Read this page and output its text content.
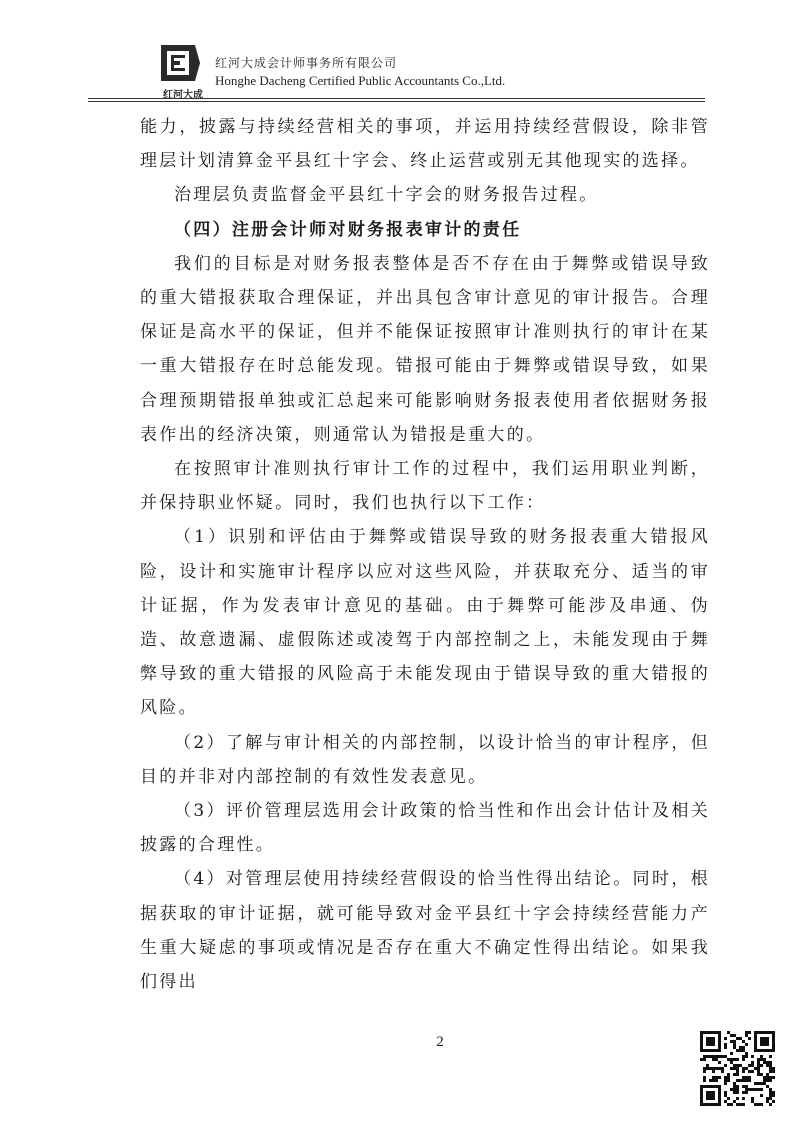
红河大成
红河大成会计师事务所有限公司
Honghe Dacheng Certified Public Accountants Co.,Ltd.

能力，披露与持续经营相关的事项，并运用持续经营假设，除非管理层计划清算金平县红十字会、终止运营或别无其他现实的选择。

治理层负责监督金平县红十字会的财务报告过程。

（四）注册会计师对财务报表审计的责任

我们的目标是对财务报表整体是否不存在由于舞弊或错误导致的重大错报获取合理保证，并出具包含审计意见的审计报告。合理保证是高水平的保证，但并不能保证按照审计准则执行的审计在某一重大错报存在时总能发现。错报可能由于舞弊或错误导致，如果合理预期错报单独或汇总起来可能影响财务报表使用者依据财务报表作出的经济决策，则通常认为错报是重大的。

在按照审计准则执行审计工作的过程中，我们运用职业判断，并保持职业怀疑。同时，我们也执行以下工作：

（1）识别和评估由于舞弊或错误导致的财务报表重大错报风险，设计和实施审计程序以应对这些风险，并获取充分、适当的审计证据，作为发表审计意见的基础。由于舞弊可能涉及串通、伪造、故意遗漏、虚假陈述或凌驾于内部控制之上，未能发现由于舞弊导致的重大错报的风险高于未能发现由于错误导致的重大错报的风险。

（2）了解与审计相关的内部控制，以设计恰当的审计程序，但目的并非对内部控制的有效性发表意见。

（3）评价管理层选用会计政策的恰当性和作出会计估计及相关披露的合理性。

（4）对管理层使用持续经营假设的恰当性得出结论。同时，根据获取的审计证据，就可能导致对金平县红十字会持续经营能力产生重大疑虑的事项或情况是否存在重大不确定性得出结论。如果我们得出

2
